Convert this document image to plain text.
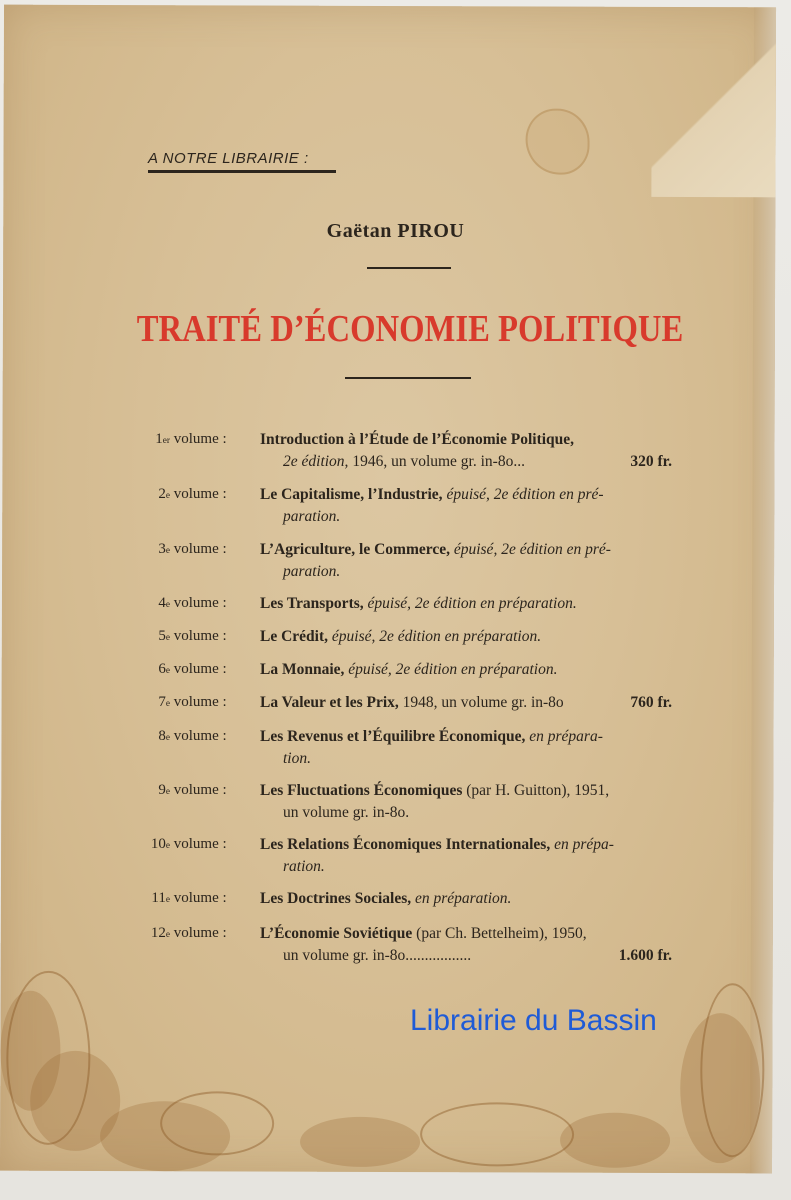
A NOTRE LIBRAIRIE :
Gaëtan PIROU
TRAITÉ D’ÉCONOMIE POLITIQUE
1er volume :	Introduction à l’Étude de l’Économie Politique,
2e édition, 1946, un volume gr. in-8o...	320 fr.
2e volume :	Le Capitalisme, l’Industrie, épuisé, 2e édition en pré-
paration.
3e volume :	L’Agriculture, le Commerce, épuisé, 2e édition en pré-
paration.
4e volume :	Les Transports, épuisé, 2e édition en préparation.
5e volume :	Le Crédit, épuisé, 2e édition en préparation.
6e volume :	La Monnaie, épuisé, 2e édition en préparation.
7e volume :	La Valeur et les Prix, 1948, un volume gr. in-8o	760 fr.
8e volume :	Les Revenus et l’Équilibre Économique, en prépara-
tion.
9e volume :	Les Fluctuations Économiques (par H. Guitton), 1951,
un volume gr. in-8o.
10e volume :	Les Relations Économiques Internationales, en prépa-
ration.
11e volume :	Les Doctrines Sociales, en préparation.
12e volume :	L’Économie Soviétique (par Ch. Bettelheim), 1950,
un volume gr. in-8o.................	1.600 fr.
Librairie du Bassin
